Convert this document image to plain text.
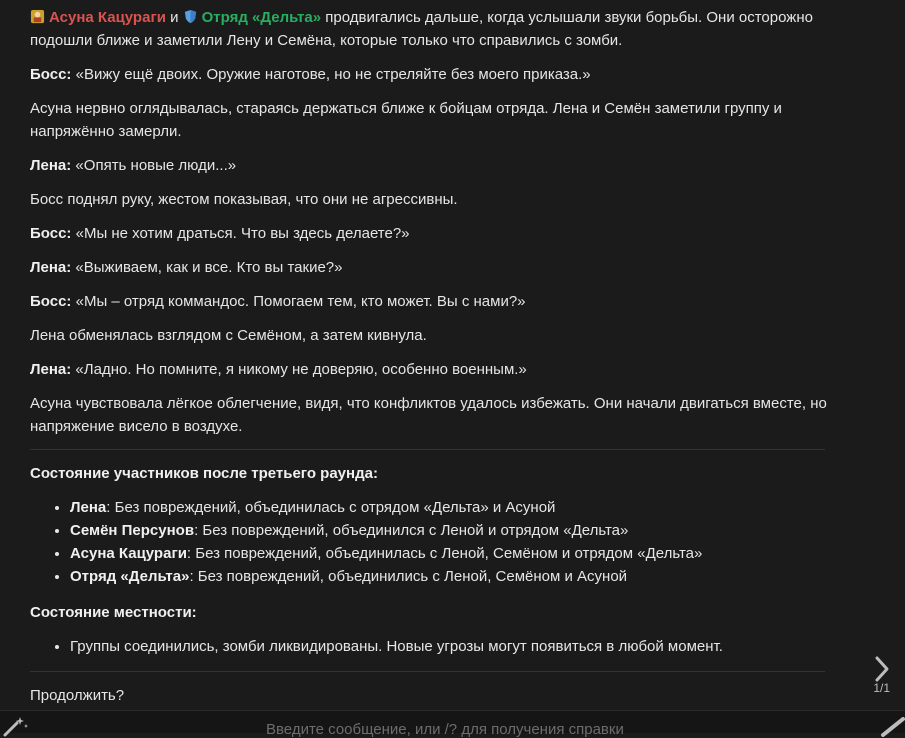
Асуна Кацураги и Отряд «Дельта» продвигались дальше, когда услышали звуки борьбы. Они осторожно подошли ближе и заметили Лену и Семёна, которые только что справились с зомби.

Босс: «Вижу ещё двоих. Оружие наготове, но не стреляйте без моего приказа.»

Асуна нервно оглядывалась, стараясь держаться ближе к бойцам отряда. Лена и Семён заметили группу и напряжённо замерли.

Лена: «Опять новые люди...»

Босс поднял руку, жестом показывая, что они не агрессивны.

Босс: «Мы не хотим драться. Что вы здесь делаете?»

Лена: «Выживаем, как и все. Кто вы такие?»

Босс: «Мы – отряд коммандос. Помогаем тем, кто может. Вы с нами?»

Лена обменялась взглядом с Семёном, а затем кивнула.

Лена: «Ладно. Но помните, я никому не доверяю, особенно военным.»

Асуна чувствовала лёгкое облегчение, видя, что конфликтов удалось избежать. Они начали двигаться вместе, но напряжение висело в воздухе.

Состояние участников после третьего раунда:

• Лена: Без повреждений, объединилась с отрядом «Дельта» и Асуной
• Семён Персунов: Без повреждений, объединился с Леной и отрядом «Дельта»
• Асуна Кацураги: Без повреждений, объединилась с Леной, Семёном и отрядом «Дельта»
• Отряд «Дельта»: Без повреждений, объединились с Леной, Семёном и Асуной

Состояние местности:

• Группы соединились, зомби ликвидированы. Новые угрозы могут появиться в любой момент.

Продолжить?	1/1
Введите сообщение, или /? для получения справки
